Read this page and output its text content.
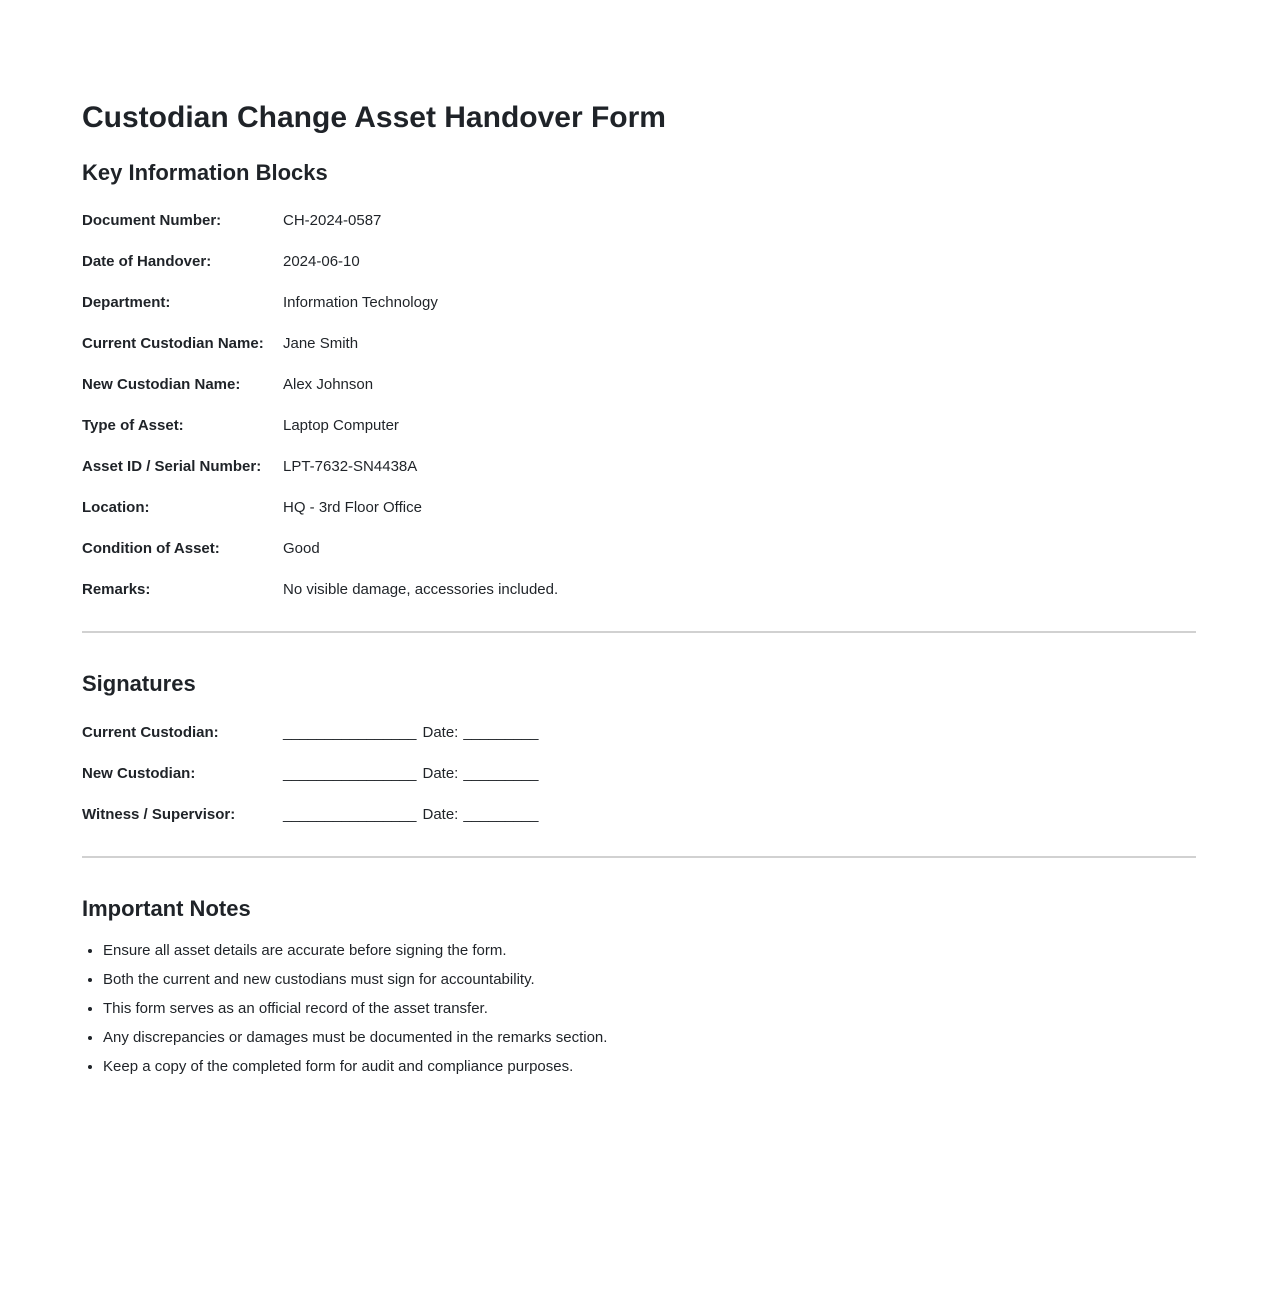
Custodian Change Asset Handover Form
Key Information Blocks
Document Number:	CH-2024-0587
Date of Handover:	2024-06-10
Department:	Information Technology
Current Custodian Name:	Jane Smith
New Custodian Name:	Alex Johnson
Type of Asset:	Laptop Computer
Asset ID / Serial Number:	LPT-7632-SN4438A
Location:	HQ - 3rd Floor Office
Condition of Asset:	Good
Remarks:	No visible damage, accessories included.
Signatures
Current Custodian:	________________ Date: _________
New Custodian:	________________ Date: _________
Witness / Supervisor:	________________ Date: _________
Important Notes
• Ensure all asset details are accurate before signing the form.
• Both the current and new custodians must sign for accountability.
• This form serves as an official record of the asset transfer.
• Any discrepancies or damages must be documented in the remarks section.
• Keep a copy of the completed form for audit and compliance purposes.
